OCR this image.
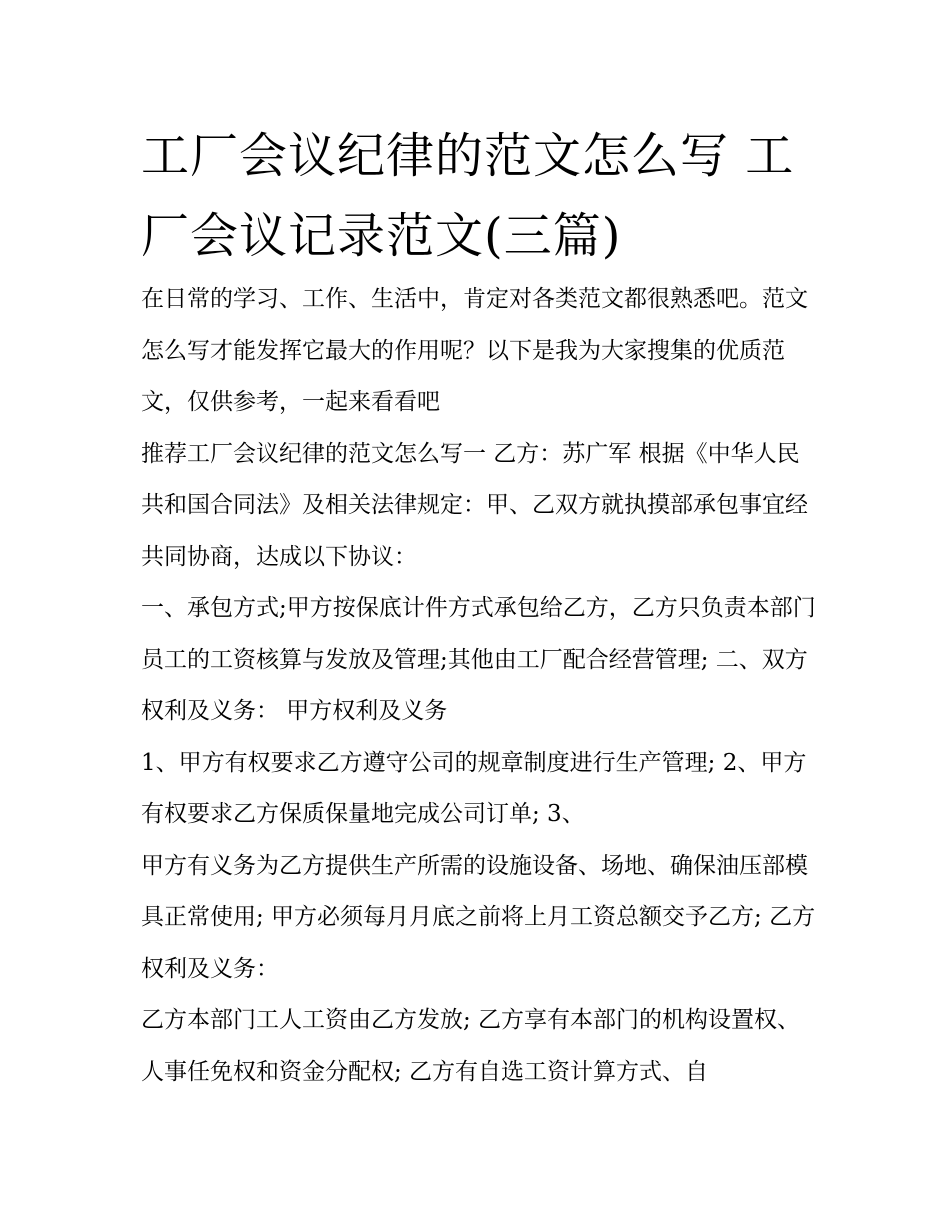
工厂会议纪律的范文怎么写 工厂会议记录范文(三篇)

在日常的学习、工作、生活中，肯定对各类范文都很熟悉吧。范文怎么写才能发挥它最大的作用呢？以下是我为大家搜集的优质范文，仅供参考，一起来看看吧

推荐工厂会议纪律的范文怎么写一 乙方：苏广军 根据《中华人民共和国合同法》及相关法律规定：甲、乙双方就执摸部承包事宜经共同协商，达成以下协议：

一、承包方式;甲方按保底计件方式承包给乙方，乙方只负责本部门员工的工资核算与发放及管理;其他由工厂配合经营管理; 二、双方权利及义务： 甲方权利及义务

1、甲方有权要求乙方遵守公司的规章制度进行生产管理; 2、甲方有权要求乙方保质保量地完成公司订单; 3、

甲方有义务为乙方提供生产所需的设施设备、场地、确保油压部模具正常使用; 甲方必须每月月底之前将上月工资总额交予乙方; 乙方权利及义务：

乙方本部门工人工资由乙方发放; 乙方享有本部门的机构设置权、人事任免权和资金分配权; 乙方有自选工资计算方式、自
